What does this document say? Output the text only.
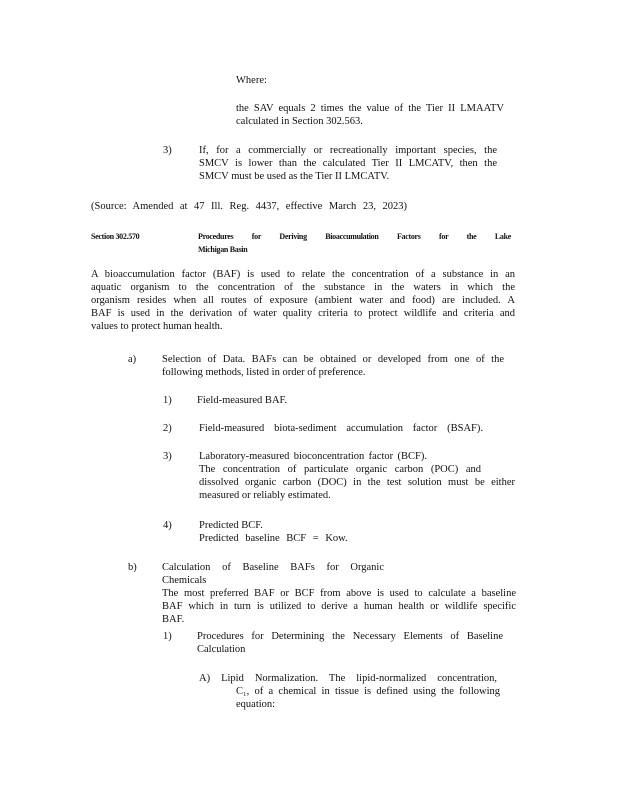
Where:

the SAV equals 2 times the value of the Tier II LMAATV
calculated in Section 302.563.
3)	If, for a commercially or recreationally important species, the
SMCV is lower than the calculated Tier II LMCATV, then the
SMCV must be used as the Tier II LMCATV.
(Source: Amended at 47 Ill. Reg. 4437, effective March 23, 2023)
Section 302.570	Procedures for Deriving Bioaccumulation Factors for the Lake
Michigan Basin
A bioaccumulation factor (BAF) is used to relate the concentration of a substance in an
aquatic organism to the concentration of the substance in the waters in which the
organism resides when all routes of exposure (ambient water and food) are included. A
BAF is used in the derivation of water quality criteria to protect wildlife and criteria and
values to protect human health.
a) Selection of Data. BAFs can be obtained or developed from one of the
following methods, listed in order of preference.
1) Field-measured BAF.

2)	Field-measured biota-sediment accumulation factor (BSAF).
3)	Laboratory-measured bioconcentration factor (BCF).
The concentration of particulate organic carbon (POC) and
dissolved organic carbon (DOC) in the test solution must be either
measured or reliably estimated.
4)	Predicted BCF.
Predicted baseline BCF = Kow.
b) Calculation of Baseline BAFs for Organic Chemicals
The most preferred BAF or BCF from above is used to calculate a baseline
BAF which in turn is utilized to derive a human health or wildlife specific
BAF.
1) Procedures for Determining the Necessary Elements of Baseline
Calculation
A) Lipid Normalization. The lipid-normalized concentration,
C₁, of a chemical in tissue is defined using the following
equation:
